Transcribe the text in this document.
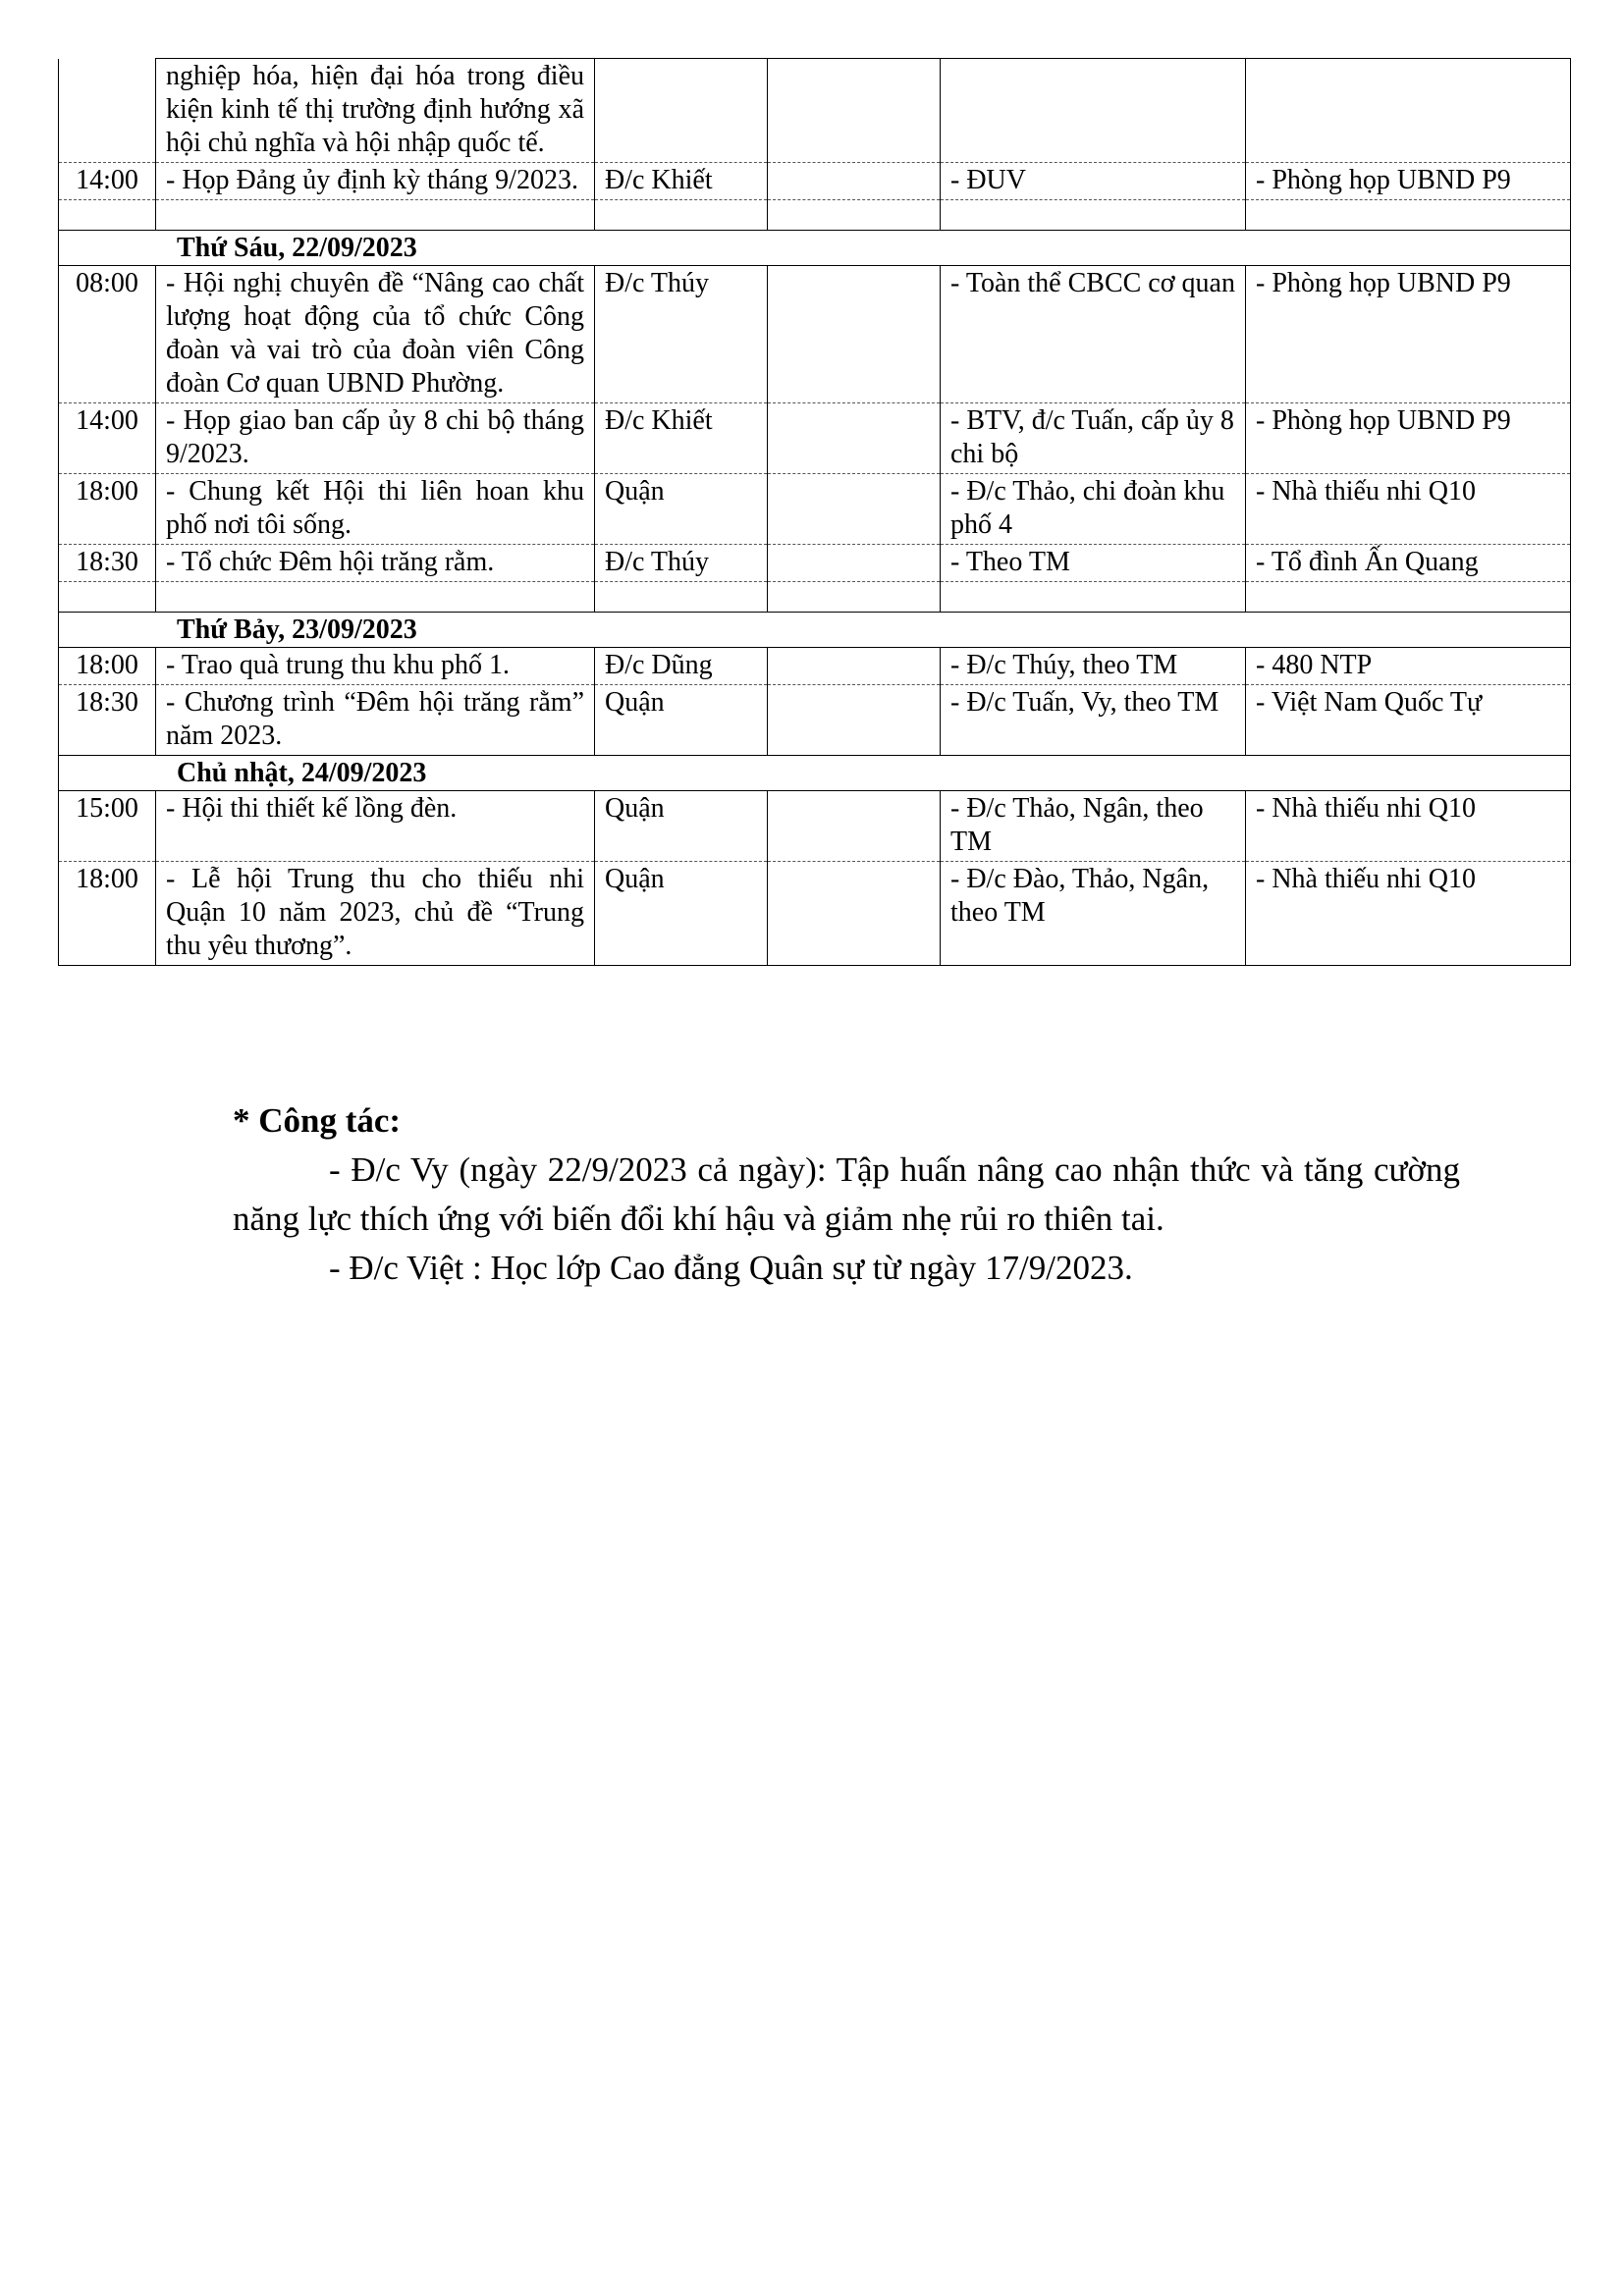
	nghiệp hóa, hiện đại hóa trong điều kiện kinh tế thị trường định hướng xã hội chủ nghĩa và hội nhập quốc tế.				
14:00	- Họp Đảng ủy định kỳ tháng 9/2023.	Đ/c Khiết		- ĐUV	- Phòng họp UBND P9

Thứ Sáu, 22/09/2023					
08:00	- Hội nghị chuyên đề “Nâng cao chất lượng hoạt động của tổ chức Công đoàn và vai trò của đoàn viên Công đoàn Cơ quan UBND Phường.	Đ/c Thúy		- Toàn thể CBCC cơ quan	- Phòng họp UBND P9
14:00	- Họp giao ban cấp ủy 8 chi bộ tháng 9/2023.	Đ/c Khiết		- BTV, đ/c Tuấn, cấp ủy 8 chi bộ	- Phòng họp UBND P9
18:00	- Chung kết Hội thi liên hoan khu phố nơi tôi sống.	Quận		- Đ/c Thảo, chi đoàn khu phố 4	- Nhà thiếu nhi Q10
18:30	- Tổ chức Đêm hội trăng rằm.	Đ/c Thúy		- Theo TM	- Tổ đình Ấn Quang

Thứ Bảy, 23/09/2023					
18:00	- Trao quà trung thu khu phố 1.	Đ/c Dũng		- Đ/c Thúy, theo TM	- 480 NTP
18:30	- Chương trình “Đêm hội trăng rằm” năm 2023.	Quận		- Đ/c Tuấn, Vy, theo TM	- Việt Nam Quốc Tự
Chủ nhật, 24/09/2023					
15:00	- Hội thi thiết kế lồng đèn.	Quận		- Đ/c Thảo, Ngân, theo TM	- Nhà thiếu nhi Q10
18:00	- Lễ hội Trung thu cho thiếu nhi Quận 10 năm 2023, chủ đề “Trung thu yêu thương”.	Quận		- Đ/c Đào, Thảo, Ngân, theo TM	- Nhà thiếu nhi Q10
* Công tác:

- Đ/c Vy (ngày 22/9/2023 cả ngày): Tập huấn nâng cao nhận thức và tăng cường năng lực thích ứng với biến đổi khí hậu và giảm nhẹ rủi ro thiên tai.

- Đ/c Việt : Học lớp Cao đẳng Quân sự từ ngày 17/9/2023.
